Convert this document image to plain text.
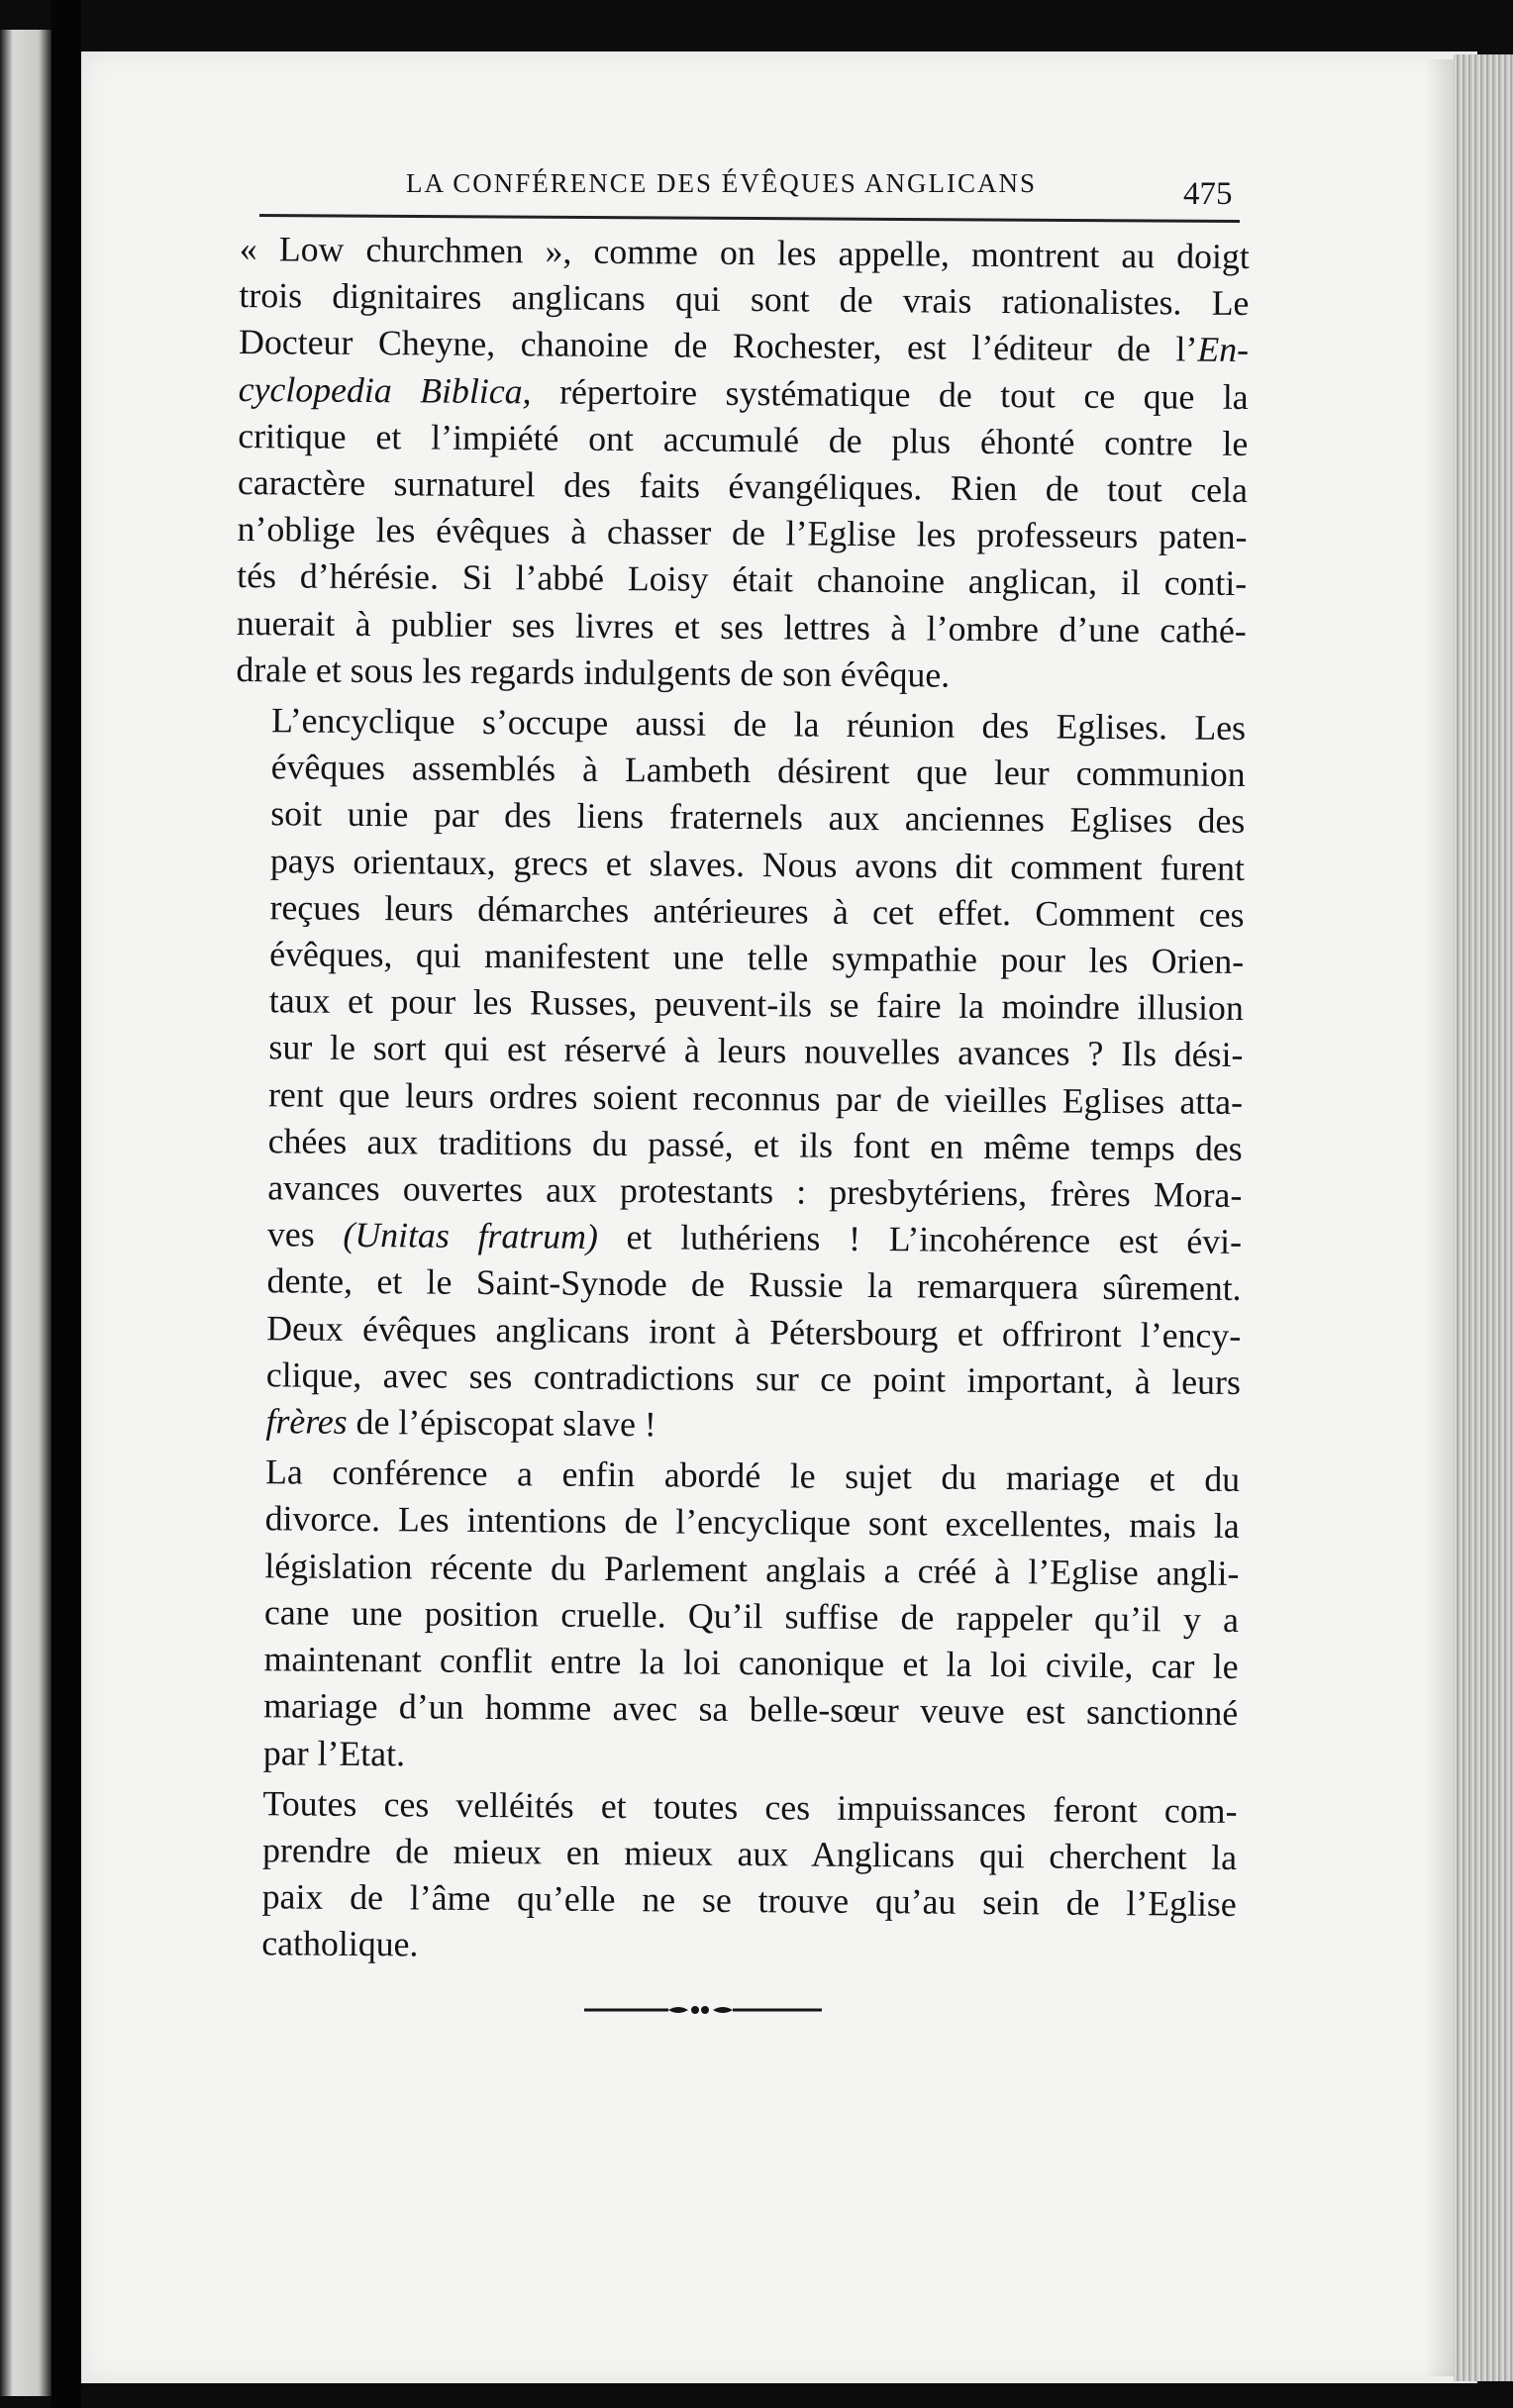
LA CONFÉRENCE DES ÉVÊQUES ANGLICANS	475

« Low churchmen », comme on les appelle, montrent au doigt
trois dignitaires anglicans qui sont de vrais rationalistes. Le
Docteur Cheyne, chanoine de Rochester, est l’éditeur de l’En-
cyclopedia Biblica, répertoire systématique de tout ce que la
critique et l’impiété ont accumulé de plus éhonté contre le
caractère surnaturel des faits évangéliques. Rien de tout cela
n’oblige les évêques à chasser de l’Eglise les professeurs paten-
tés d’hérésie. Si l’abbé Loisy était chanoine anglican, il conti-
nuerait à publier ses livres et ses lettres à l’ombre d’une cathé-
drale et sous les regards indulgents de son évêque.

L’encyclique s’occupe aussi de la réunion des Eglises. Les
évêques assemblés à Lambeth désirent que leur communion
soit unie par des liens fraternels aux anciennes Eglises des
pays orientaux, grecs et slaves. Nous avons dit comment furent
reçues leurs démarches antérieures à cet effet. Comment ces
évêques, qui manifestent une telle sympathie pour les Orien-
taux et pour les Russes, peuvent-ils se faire la moindre illusion
sur le sort qui est réservé à leurs nouvelles avances ? Ils dési-
rent que leurs ordres soient reconnus par de vieilles Eglises atta-
chées aux traditions du passé, et ils font en même temps des
avances ouvertes aux protestants : presbytériens, frères Mora-
ves (Unitas fratrum) et luthériens ! L’incohérence est évi-
dente, et le Saint-Synode de Russie la remarquera sûrement.
Deux évêques anglicans iront à Pétersbourg et offriront l’ency-
clique, avec ses contradictions sur ce point important, à leurs
frères de l’épiscopat slave !

La conférence a enfin abordé le sujet du mariage et du
divorce. Les intentions de l’encyclique sont excellentes, mais la
législation récente du Parlement anglais a créé à l’Eglise angli-
cane une position cruelle. Qu’il suffise de rappeler qu’il y a
maintenant conflit entre la loi canonique et la loi civile, car le
mariage d’un homme avec sa belle-sœur veuve est sanctionné
par l’Etat.

Toutes ces velléités et toutes ces impuissances feront com-
prendre de mieux en mieux aux Anglicans qui cherchent la
paix de l’âme qu’elle ne se trouve qu’au sein de l’Eglise
catholique.
